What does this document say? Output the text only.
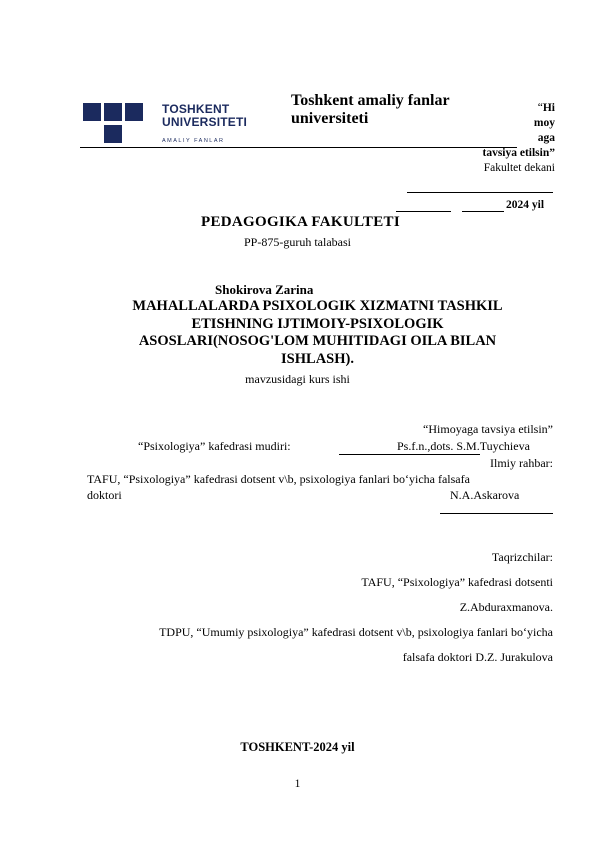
TOSHKENT
UNIVERSITETI
AMALIY FANLAR
Toshkent amaliy fanlar universiteti
“Hi
moy
aga
tavsiya etilsin”
Fakultet dekani
2024 yil
PEDAGOGIKA FAKULTETI
PP-875-guruh talabasi
Shokirova Zarina
MAHALLALARDA PSIXOLOGIK XIZMATNI TASHKIL
ETISHNING IJTIMOIY-PSIXOLOGIK
ASOSLARI(NOSOG'LOM MUHITIDAGI OILA BILAN
ISHLASH).
mavzusidagi kurs ishi
“Himoyaga tavsiya etilsin”
“Psixologiya” kafedrasi mudiri:	Ps.f.n.,dots. S.M.Tuychieva
Ilmiy rahbar:
TAFU, “Psixologiya” kafedrasi dotsent v\b, psixologiya fanlari bo‘yicha falsafa
doktori	N.A.Askarova
Taqrizchilar:
TAFU, “Psixologiya” kafedrasi dotsenti
Z.Abduraxmanova.
TDPU, “Umumiy psixologiya” kafedrasi dotsent v\b, psixologiya fanlari bo‘yicha
falsafa doktori D.Z. Jurakulova
TOSHKENT-2024 yil
1
